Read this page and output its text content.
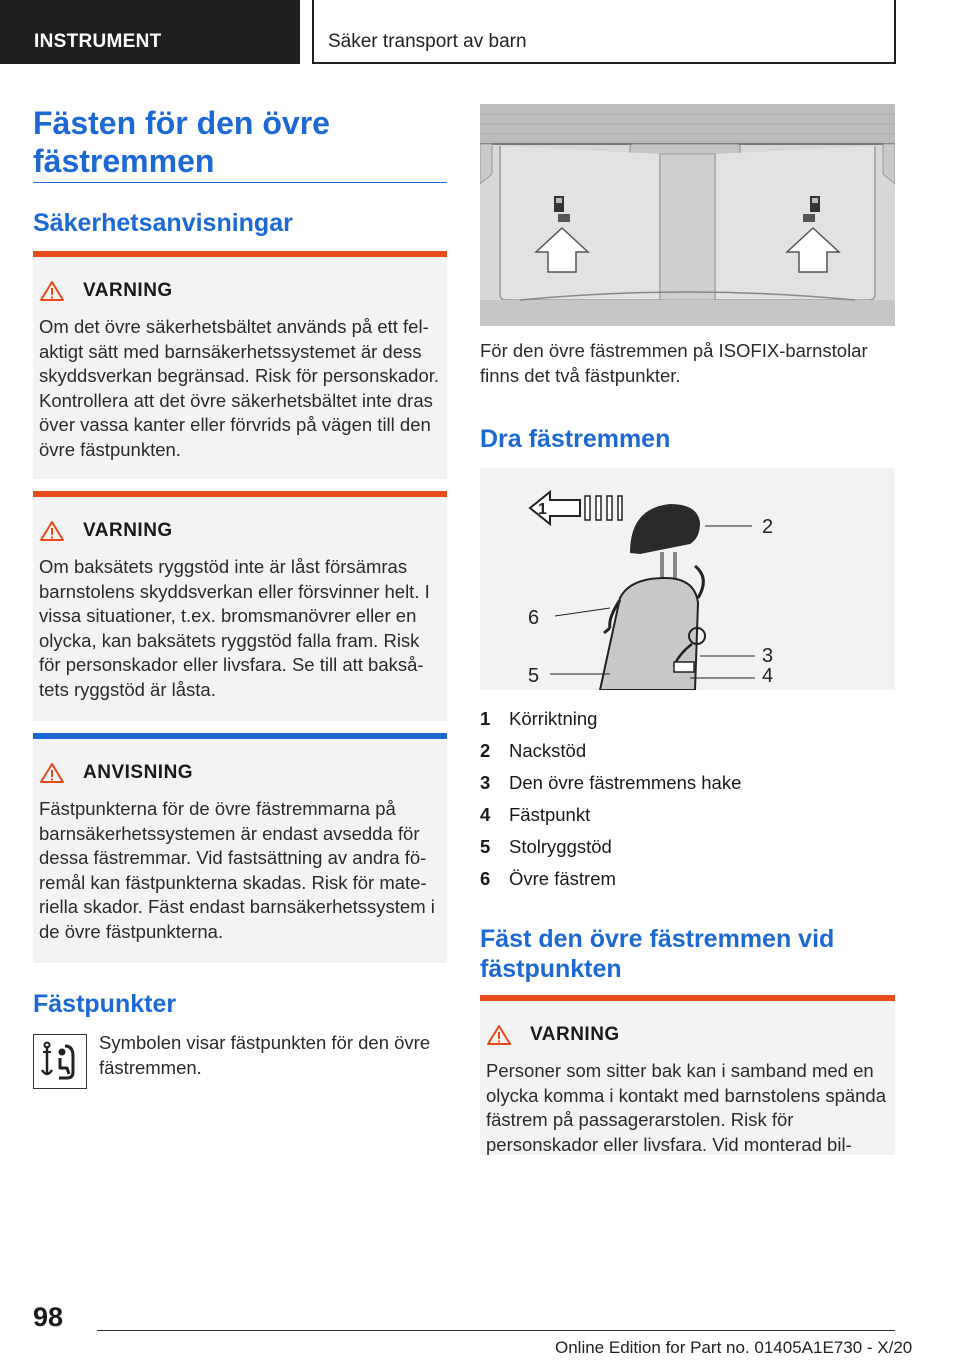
INSTRUMENT	Säker transport av barn
Fästen för den övre fästremmen
Säkerhetsanvisningar
VARNING

Om det övre säkerhetsbältet används på ett felaktigt sätt med barnsäkerhetssystemet är dess skyddsverkan begränsad. Risk för personskador. Kontrollera att det övre säkerhetsbältet inte dras över vassa kanter eller förvrids på vägen till den övre fästpunkten.

VARNING

Om baksätets ryggstöd inte är låst försämras barnstolens skyddsverkan eller försvinner helt. I vissa situationer, t.ex. bromsmanövrer eller en olycka, kan baksätets ryggstöd falla fram. Risk för personskador eller livsfara. Se till att baksåtets ryggstöd är låsta.

ANVISNING

Fästpunkterna för de övre fästremmarna på barnsäkerhetssystemen är endast avsedda för dessa fästremmar. Vid fastsättning av andra föremål kan fästpunkterna skadas. Risk för materiella skador. Fäst endast barnsäkerhetssystem i de övre fästpunkterna.

Fästpunkter
Symbolen visar fästpunkten för den övre fästremmen.
För den övre fästremmen på ISOFIX-barnstolar finns det två fästpunkter.
Dra fästremmen
1
2
3
4
5
6
1	Körriktning
2	Nackstöd
3	Den övre fästremmens hake
4	Fästpunkt
5	Stolryggstöd
6	Övre fästrem
Fäst den övre fästremmen vid fästpunkten
VARNING

Personer som sitter bak kan i samband med en olycka komma i kontakt med barnstolens spända fästrem på passagerarstolen. Risk för personskador eller livsfara. Vid monterad bil-

98
Online Edition for Part no. 01405A1E730 - X/20
